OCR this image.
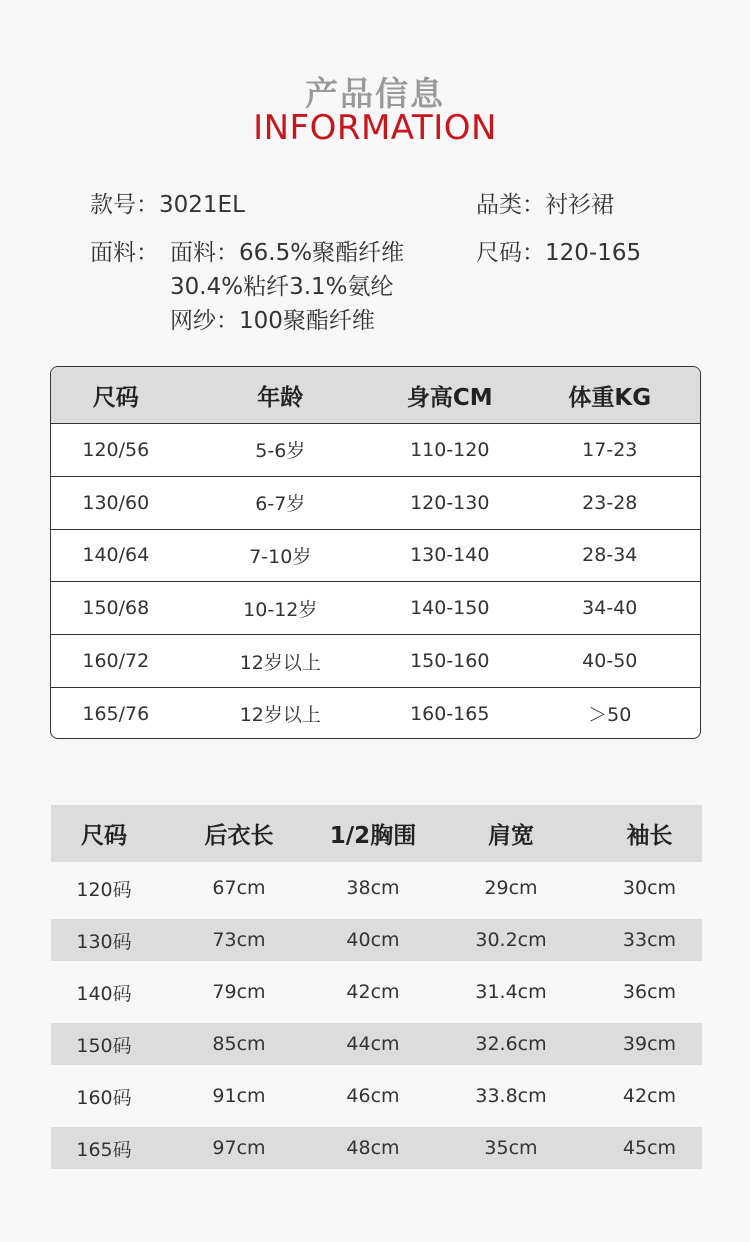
产品信息
INFORMATION
款号：3021EL	品类：衬衫裙
面料： 面料：66.5%聚酯纤维
30.4%粘纤3.1%氨纶
网纱：100聚酯纤维
尺码：120-165
尺码	年龄	身高CM	体重KG
120/56	5-6岁	110-120	17-23
130/60	6-7岁	120-130	23-28
140/64	7-10岁	130-140	28-34
150/68	10-12岁	140-150	34-40
160/72	12岁以上	150-160	40-50
165/76	12岁以上	160-165	＞50
尺码	后衣长	1/2胸围	肩宽	袖长
120码	67cm	38cm	29cm	30cm
130码	73cm	40cm	30.2cm	33cm
140码	79cm	42cm	31.4cm	36cm
150码	85cm	44cm	32.6cm	39cm
160码	91cm	46cm	33.8cm	42cm
165码	97cm	48cm	35cm	45cm
